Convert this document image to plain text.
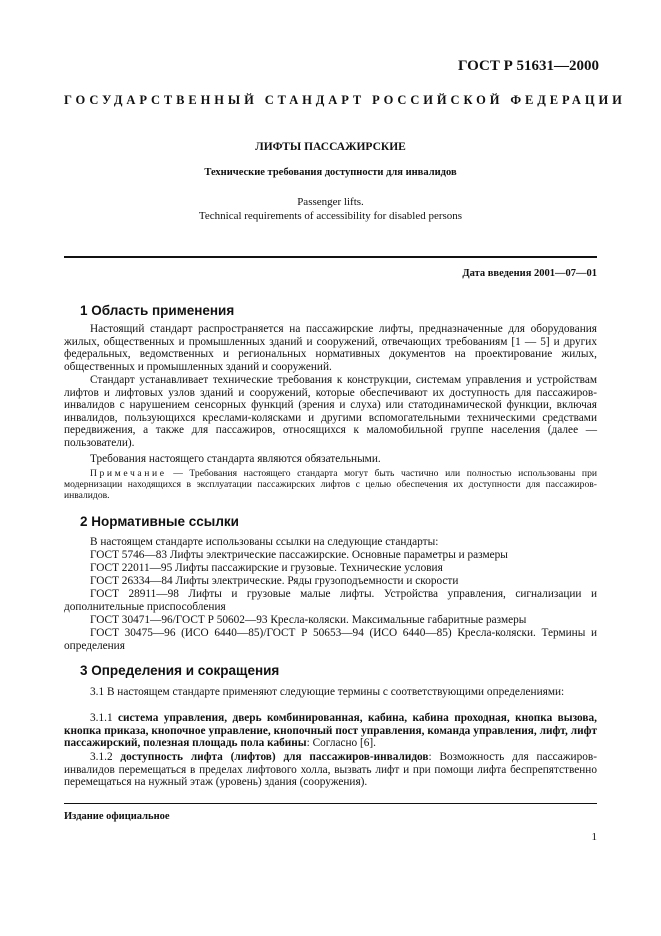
ГОСТ Р 51631—2000
ГОСУДАРСТВЕННЫЙ СТАНДАРТ РОССИЙСКОЙ ФЕДЕРАЦИИ
ЛИФТЫ ПАССАЖИРСКИЕ
Технические требования доступности для инвалидов
Passenger lifts.
Technical requirements of accessibility for disabled persons
Дата введения 2001—07—01
1 Область применения
Настоящий стандарт распространяется на пассажирские лифты, предназначенные для оборудования жилых, общественных и промышленных зданий и сооружений, отвечающих требованиям [1 — 5] и других федеральных, ведомственных и региональных нормативных документов на проектирование жилых, общественных и промышленных зданий и сооружений.
Стандарт устанавливает технические требования к конструкции, системам управления и устройствам лифтов и лифтовых узлов зданий и сооружений, которые обеспечивают их доступность для пассажиров-инвалидов с нарушением сенсорных функций (зрения и слуха) или статодинамической функции, включая инвалидов, пользующихся креслами-колясками и другими вспомогательными техническими средствами передвижения, а также для пассажиров, относящихся к маломобильной группе населения (далее — пользователи).
Требования настоящего стандарта являются обязательными.
Примечание — Требования настоящего стандарта могут быть частично или полностью использованы при модернизации находящихся в эксплуатации пассажирских лифтов с целью обеспечения их доступности для пассажиров-инвалидов.
2 Нормативные ссылки
В настоящем стандарте использованы ссылки на следующие стандарты:
ГОСТ 5746—83 Лифты электрические пассажирские. Основные параметры и размеры
ГОСТ 22011—95 Лифты пассажирские и грузовые. Технические условия
ГОСТ 26334—84 Лифты электрические. Ряды грузоподъемности и скорости
ГОСТ 28911—98 Лифты и грузовые малые лифты. Устройства управления, сигнализации и дополнительные приспособления
ГОСТ 30471—96/ГОСТ Р 50602—93 Кресла-коляски. Максимальные габаритные размеры
ГОСТ 30475—96 (ИСО 6440—85)/ГОСТ Р 50653—94 (ИСО 6440—85) Кресла-коляски. Термины и определения
3 Определения и сокращения
3.1 В настоящем стандарте применяют следующие термины с соответствующими определениями:
3.1.1 система управления, дверь комбинированная, кабина, кабина проходная, кнопка вызова, кнопка приказа, кнопочное управление, кнопочный пост управления, команда управления, лифт, лифт пассажирский, полезная площадь пола кабины: Согласно [6].
3.1.2 доступность лифта (лифтов) для пассажиров-инвалидов: Возможность для пассажиров-инвалидов перемещаться в пределах лифтового холла, вызвать лифт и при помощи лифта беспрепятственно перемещаться на нужный этаж (уровень) здания (сооружения).
Издание официальное
1
